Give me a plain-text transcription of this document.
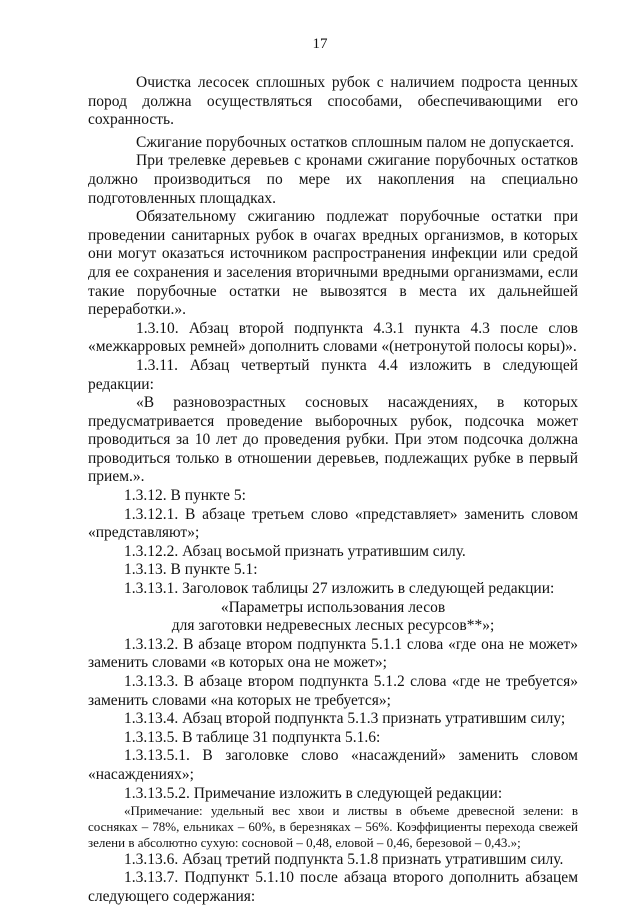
17

Очистка лесосек сплошных рубок с наличием подроста ценных пород должна осуществляться способами, обеспечивающими его сохранность.

Сжигание порубочных остатков сплошным палом не допускается.

При трелевке деревьев с кронами сжигание порубочных остатков должно производиться по мере их накопления на специально подготовленных площадках.

Обязательному сжиганию подлежат порубочные остатки при проведении санитарных рубок в очагах вредных организмов, в которых они могут оказаться источником распространения инфекции или средой для ее сохранения и заселения вторичными вредными организмами, если такие порубочные остатки не вывозятся в места их дальнейшей переработки.».

1.3.10. Абзац второй подпункта 4.3.1 пункта 4.3 после слов «межкарровых ремней» дополнить словами «(нетронутой полосы коры)».

1.3.11. Абзац четвертый пункта 4.4 изложить в следующей редакции:

«В разновозрастных сосновых насаждениях, в которых предусматривается проведение выборочных рубок, подсочка может проводиться за 10 лет до проведения рубки. При этом подсочка должна проводиться только в отношении деревьев, подлежащих рубке в первый прием.».

1.3.12. В пункте 5:

1.3.12.1. В абзаце третьем слово «представляет» заменить словом «представляют»;

1.3.12.2. Абзац восьмой признать утратившим силу.

1.3.13. В пункте 5.1:

1.3.13.1. Заголовок таблицы 27 изложить в следующей редакции:

«Параметры использования лесов

для заготовки недревесных лесных ресурсов**»;

1.3.13.2. В абзаце втором подпункта 5.1.1 слова «где она не может» заменить словами «в которых она не может»;

1.3.13.3. В абзаце втором подпункта 5.1.2 слова «где не требуется» заменить словами «на которых не требуется»;

1.3.13.4. Абзац второй подпункта 5.1.3 признать утратившим силу;

1.3.13.5. В таблице 31 подпункта 5.1.6:

1.3.13.5.1. В заголовке слово «насаждений» заменить словом «насаждениях»;

1.3.13.5.2. Примечание изложить в следующей редакции:

«Примечание: удельный вес хвои и листвы в объеме древесной зелени: в сосняках – 78%, ельниках – 60%, в березняках – 56%. Коэффициенты перехода свежей зелени в абсолютно сухую: сосновой – 0,48, еловой – 0,46, березовой – 0,43.»;

1.3.13.6. Абзац третий подпункта 5.1.8 признать утратившим силу.

1.3.13.7. Подпункт 5.1.10 после абзаца второго дополнить абзацем следующего содержания:
